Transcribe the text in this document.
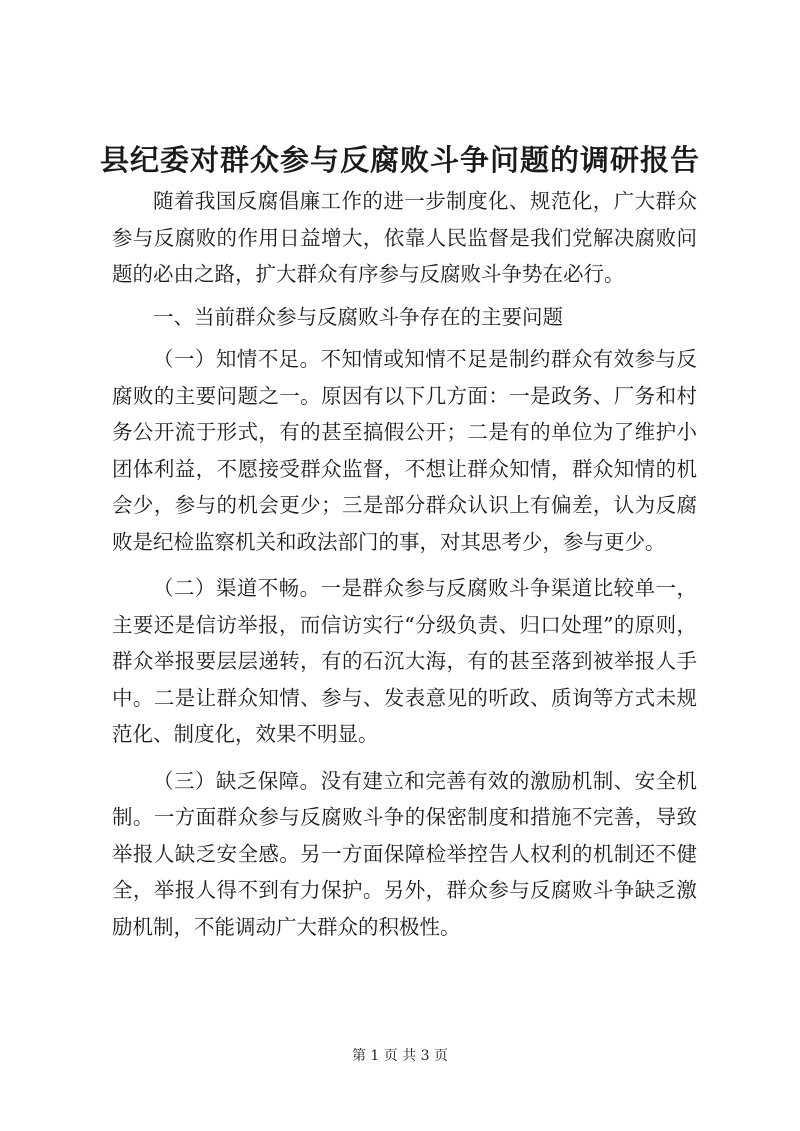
县纪委对群众参与反腐败斗争问题的调研报告

随着我国反腐倡廉工作的进一步制度化、规范化，广大群众参与反腐败的作用日益增大，依靠人民监督是我们党解决腐败问题的必由之路，扩大群众有序参与反腐败斗争势在必行。

一、当前群众参与反腐败斗争存在的主要问题

（一）知情不足。不知情或知情不足是制约群众有效参与反腐败的主要问题之一。原因有以下几方面：一是政务、厂务和村务公开流于形式，有的甚至搞假公开；二是有的单位为了维护小团体利益，不愿接受群众监督，不想让群众知情，群众知情的机会少，参与的机会更少；三是部分群众认识上有偏差，认为反腐败是纪检监察机关和政法部门的事，对其思考少，参与更少。

（二）渠道不畅。一是群众参与反腐败斗争渠道比较单一，主要还是信访举报，而信访实行“分级负责、归口处理”的原则，群众举报要层层递转，有的石沉大海，有的甚至落到被举报人手中。二是让群众知情、参与、发表意见的听政、质询等方式未规范化、制度化，效果不明显。

（三）缺乏保障。没有建立和完善有效的激励机制、安全机制。一方面群众参与反腐败斗争的保密制度和措施不完善，导致举报人缺乏安全感。另一方面保障检举控告人权利的机制还不健全，举报人得不到有力保护。另外，群众参与反腐败斗争缺乏激励机制，不能调动广大群众的积极性。

第 1 页 共 3 页
